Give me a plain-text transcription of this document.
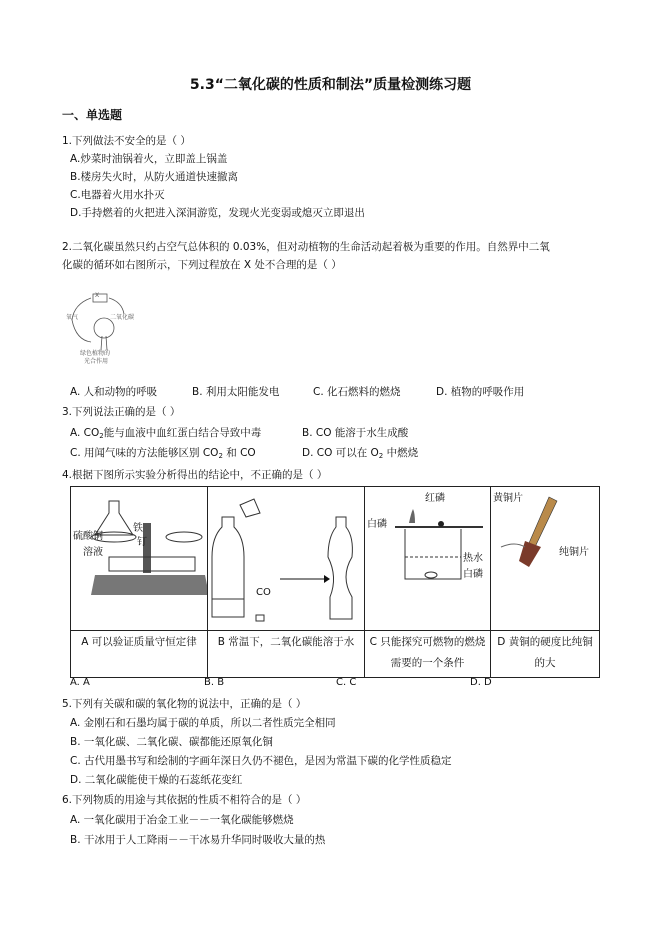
5.3“二氧化碳的性质和制法”质量检测练习题
一、单选题
1.下列做法不安全的是（ ）
A.炒菜时油锅着火，立即盖上锅盖
B.楼房失火时，从防火通道快速撤离
C.电器着火用水扑灭
D.手持燃着的火把进入深洞游览，发现火光变弱或熄灭立即退出
2.二氧化碳虽然只约占空气总体积的 0.03%，但对动植物的生命活动起着极为重要的作用。自然界中二氧
化碳的循环如右图所示，下列过程放在 X 处不合理的是（ ）
X
氧气	二氧化碳
绿色植物的
光合作用
A. 人和动物的呼吸	B. 利用太阳能发电	C. 化石燃料的燃烧	D. 植物的呼吸作用
3.下列说法正确的是（ ）
A. $CO_2$能与血液中血红蛋白结合导致中毒	B. CO 能溶于水生成酸
C. 用闻气味的方法能够区别 $CO_2$ 和 CO	D. CO 可以在 $O_2$ 中燃烧
4.根据下图所示实验分析得出的结论中，不正确的是（ ）
硫酸铜
溶液
铁
钉	CO	红磷
白磷
热水
白磷	黄铜片
纯铜片

A 可以验证质量守恒定律	B 常温下，二氧化碳能溶于水	C 只能探究可燃物的燃烧需要的一个条件	D 黄铜的硬度比纯铜的大
A. A	B. B	C. C	D. D
5.下列有关碳和碳的氧化物的说法中，正确的是（ ）
A. 金刚石和石墨均属于碳的单质，所以二者性质完全相同
B. 一氧化碳、二氧化碳、碳都能还原氧化铜
C. 古代用墨书写和绘制的字画年深日久仍不褪色，是因为常温下碳的化学性质稳定
D. 二氧化碳能使干燥的石蕊纸花变红
6.下列物质的用途与其依据的性质不相符合的是（ ）
A. 一氧化碳用于冶金工业－－一氧化碳能够燃烧
B. 干冰用于人工降雨－－干冰易升华同时吸收大量的热
